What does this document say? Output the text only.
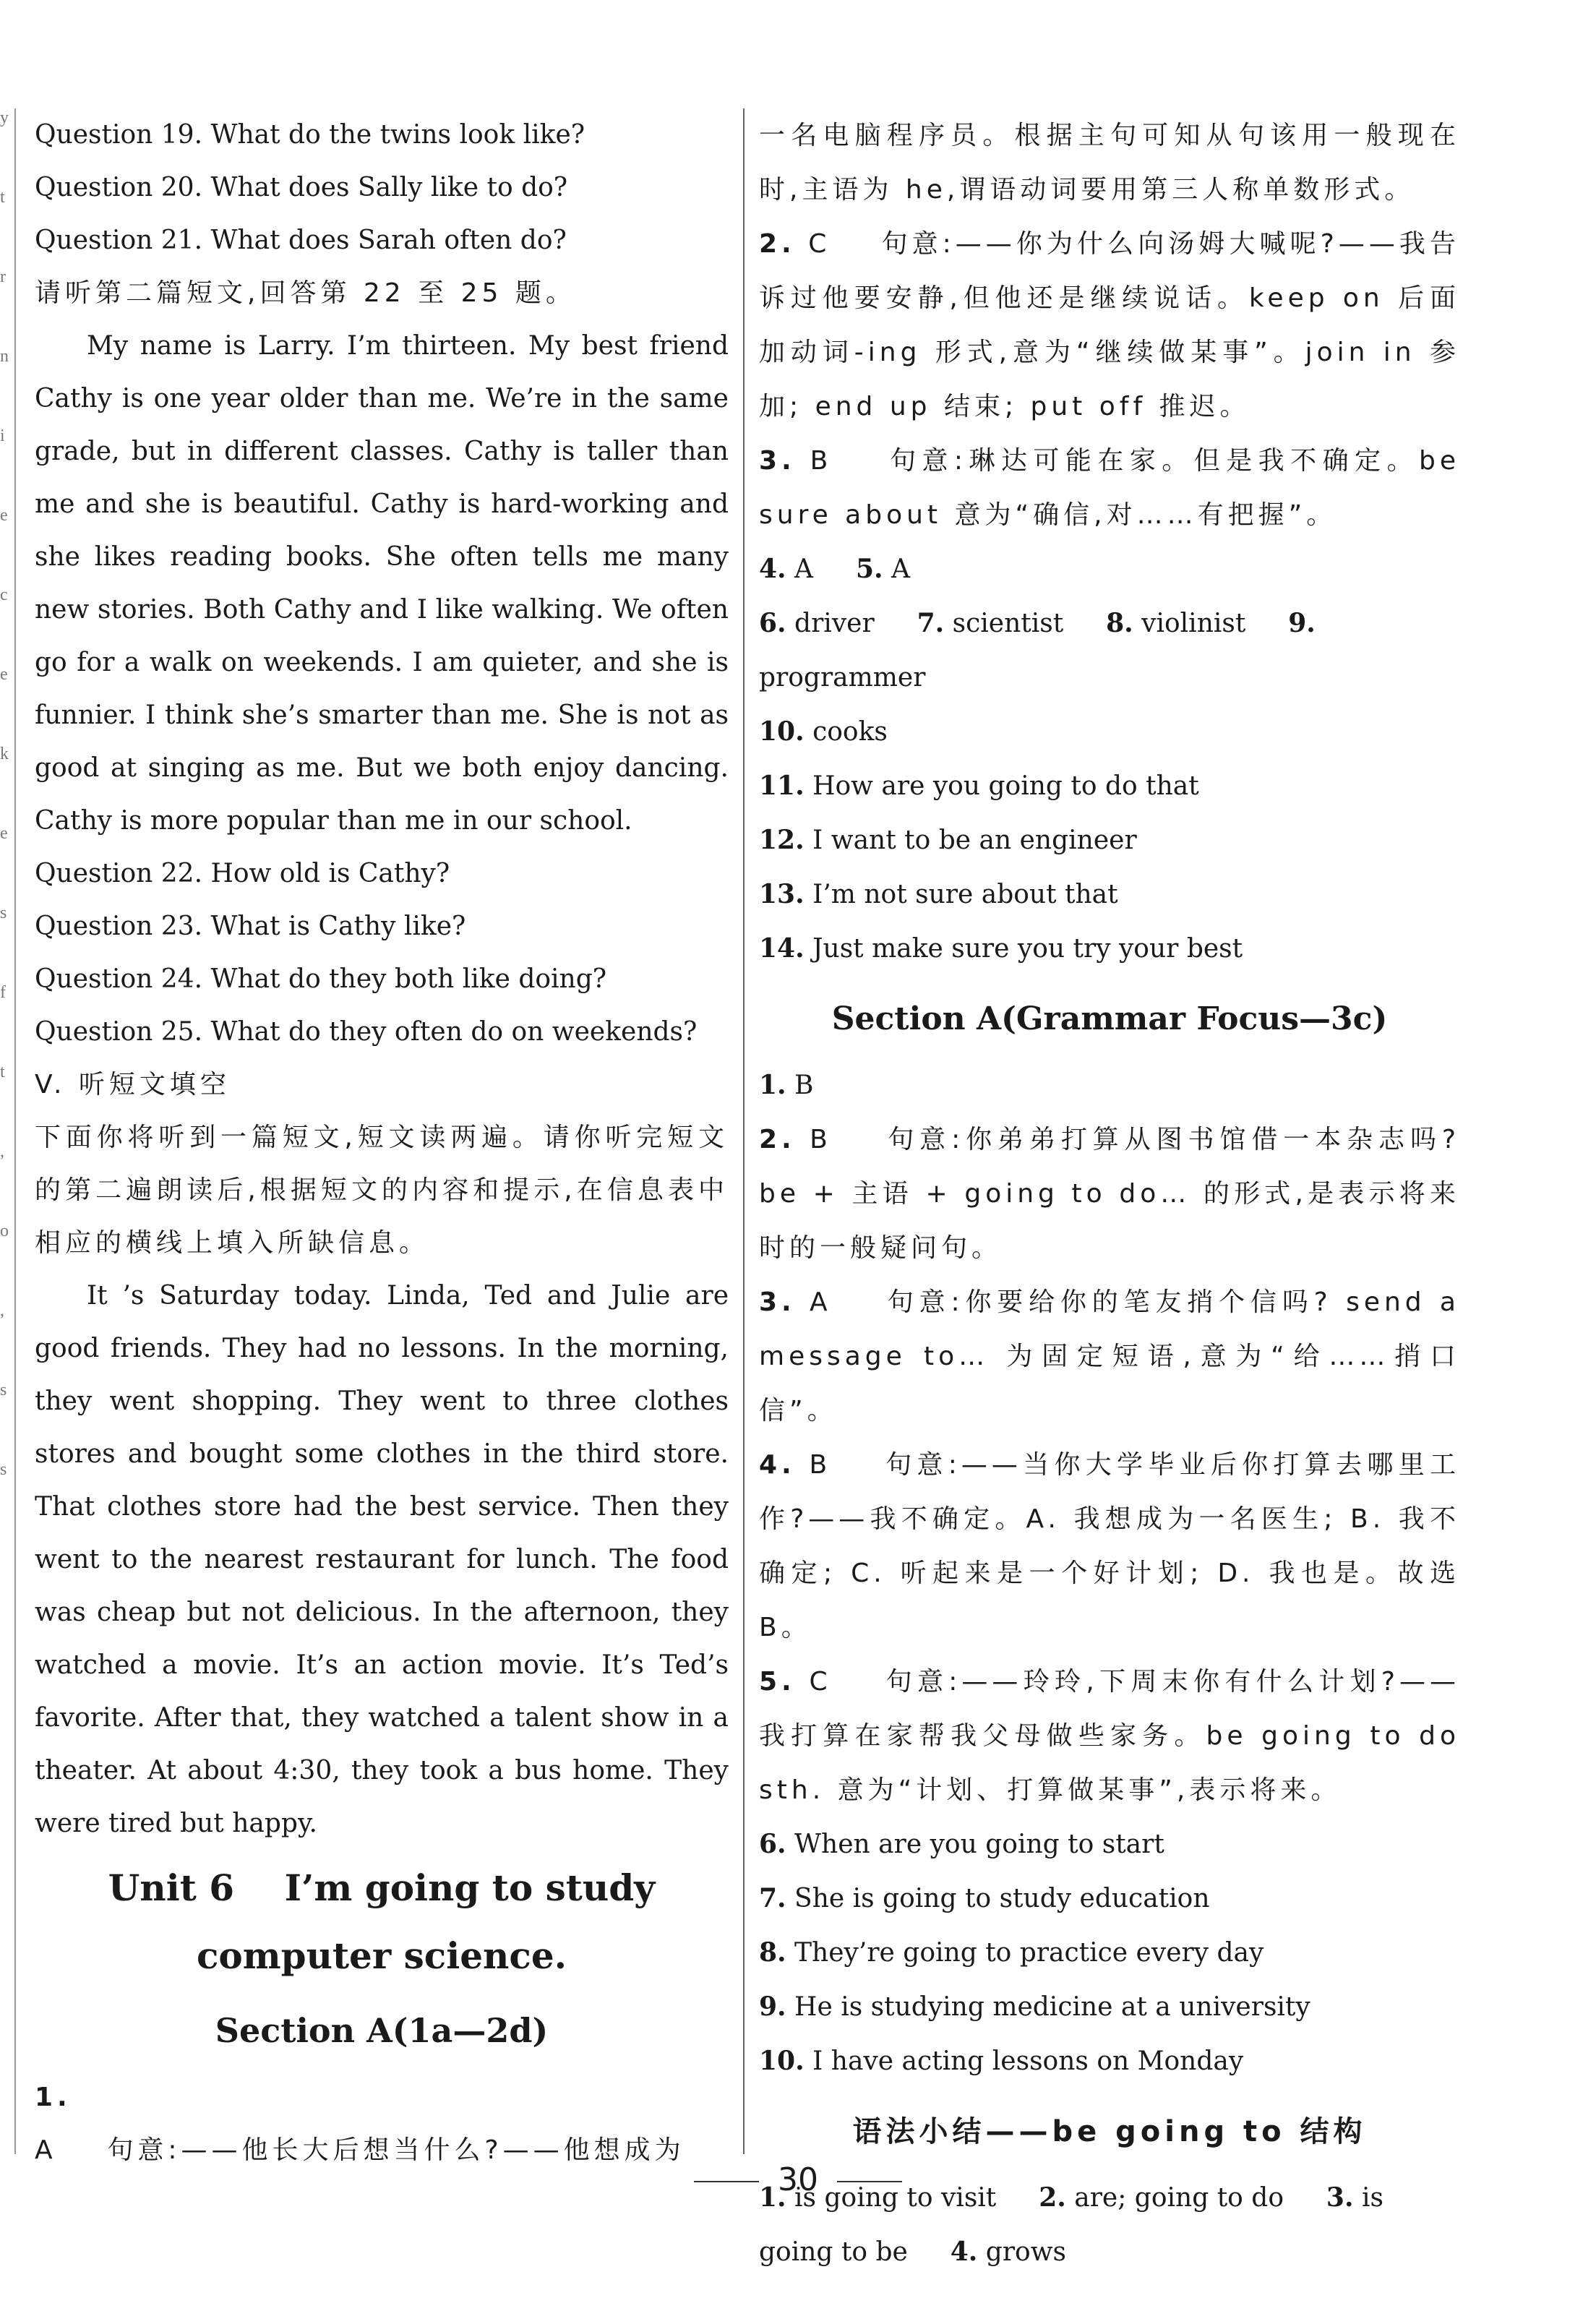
y
t
r
n
i
e
c
e
k
e
s
f
t
,
o
,
s
s

Question 19. What do the twins look like?

Question 20. What does Sally like to do?

Question 21. What does Sarah often do?

请听第二篇短文,回答第 22 至 25 题。

My name is Larry. I’m thirteen. My best friend Cathy is one year older than me. We’re in the same grade, but in different classes. Cathy is taller than me and she is beautiful. Cathy is hard-working and she likes reading books. She often tells me many new stories. Both Cathy and I like walking. We often go for a walk on weekends. I am quieter, and she is funnier. I think she’s smarter than me. She is not as good at singing as me. But we both enjoy dancing. Cathy is more popular than me in our school.

Question 22. How old is Cathy?

Question 23. What is Cathy like?

Question 24. What do they both like doing?

Question 25. What do they often do on weekends?

V. 听短文填空

下面你将听到一篇短文,短文读两遍。请你听完短文的第二遍朗读后,根据短文的内容和提示,在信息表中相应的横线上填入所缺信息。

It ’s Saturday today. Linda, Ted and Julie are good friends. They had no lessons. In the morning, they went shopping. They went to three clothes stores and bought some clothes in the third store. That clothes store had the best service. Then they went to the nearest restaurant for lunch. The food was cheap but not delicious. In the afternoon, they watched a movie. It’s an action movie. It’s Ted’s favorite. After that, they watched a talent show in a theater. At about 4:30, they took a bus home. They were tired but happy.

Unit 6    I’m going to study
computer science.
Section A(1a—2d)

1. A    句意:——他长大后想当什么?——他想成为

一名电脑程序员。根据主句可知从句该用一般现在时,主语为 he,谓语动词要用第三人称单数形式。

2. C    句意:——你为什么向汤姆大喊呢?——我告诉过他要安静,但他还是继续说话。keep on 后面加动词-ing 形式,意为“继续做某事”。join in 参加; end up 结束; put off 推迟。

3. B    句意:琳达可能在家。但是我不确定。be sure about 意为“确信,对……有把握”。

4. A 5. A

6. driver 7. scientist 8. violinist 9. programmer

10. cooks

11. How are you going to do that

12. I want to be an engineer

13. I’m not sure about that

14. Just make sure you try your best

Section A(Grammar Focus—3c)

1. B

2. B    句意:你弟弟打算从图书馆借一本杂志吗? be + 主语 + going to do… 的形式,是表示将来时的一般疑问句。

3. A    句意:你要给你的笔友捎个信吗? send a message to… 为固定短语,意为“给……捎口信”。

4. B    句意:——当你大学毕业后你打算去哪里工作?——我不确定。A. 我想成为一名医生; B. 我不确定; C. 听起来是一个好计划; D. 我也是。故选 B。

5. C    句意:——玲玲,下周末你有什么计划?——我打算在家帮我父母做些家务。be going to do sth. 意为“计划、打算做某事”,表示将来。

6. When are you going to start

7. She is going to study education

8. They’re going to practice every day

9. He is studying medicine at a university

10. I have acting lessons on Monday

语法小结——be going to 结构

1. is going to visit 2. are; going to do 3. is going to be 4. grows

30
